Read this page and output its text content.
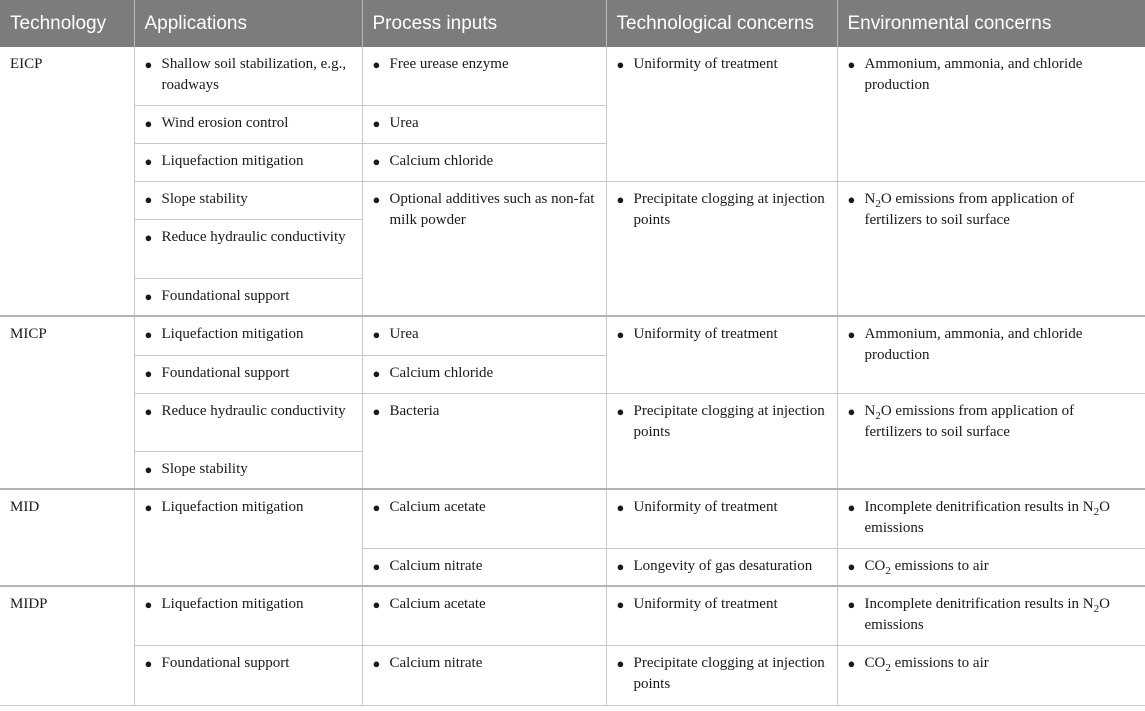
Technology	Applications	Process inputs	Technological concerns	Environmental concerns
EICP	● Shallow soil stabilization, e.g., roadways	● Free urease enzyme	● Uniformity of treatment	● Ammonium, ammonia, and chloride production

	● Wind erosion control	● Urea		

	● Liquefaction mitigation	● Calcium chloride		

	● Slope stability	● Optional additives such as non-fat milk powder	● Precipitate clogging at injection points	● $N_2O$ emissions from application of fertilizers to soil surface

	● Reduce hydraulic conductivity			

	● Foundational support			

MICP	● Liquefaction mitigation	● Urea	● Uniformity of treatment	● Ammonium, ammonia, and chloride production

	● Foundational support	● Calcium chloride		

	● Reduce hydraulic conductivity	● Bacteria	● Precipitate clogging at injection points	● $N_2O$ emissions from application of fertilizers to soil surface

	● Slope stability			

MID	● Liquefaction mitigation	● Calcium acetate	● Uniformity of treatment	● Incomplete denitrification results in $N_2O$ emissions

		● Calcium nitrate	● Longevity of gas desaturation	● $CO_2$ emissions to air

MIDP	● Liquefaction mitigation	● Calcium acetate	● Uniformity of treatment	● Incomplete denitrification results in $N_2O$ emissions

	● Foundational support	● Calcium nitrate	● Precipitate clogging at injection points	● $CO_2$ emissions to air
